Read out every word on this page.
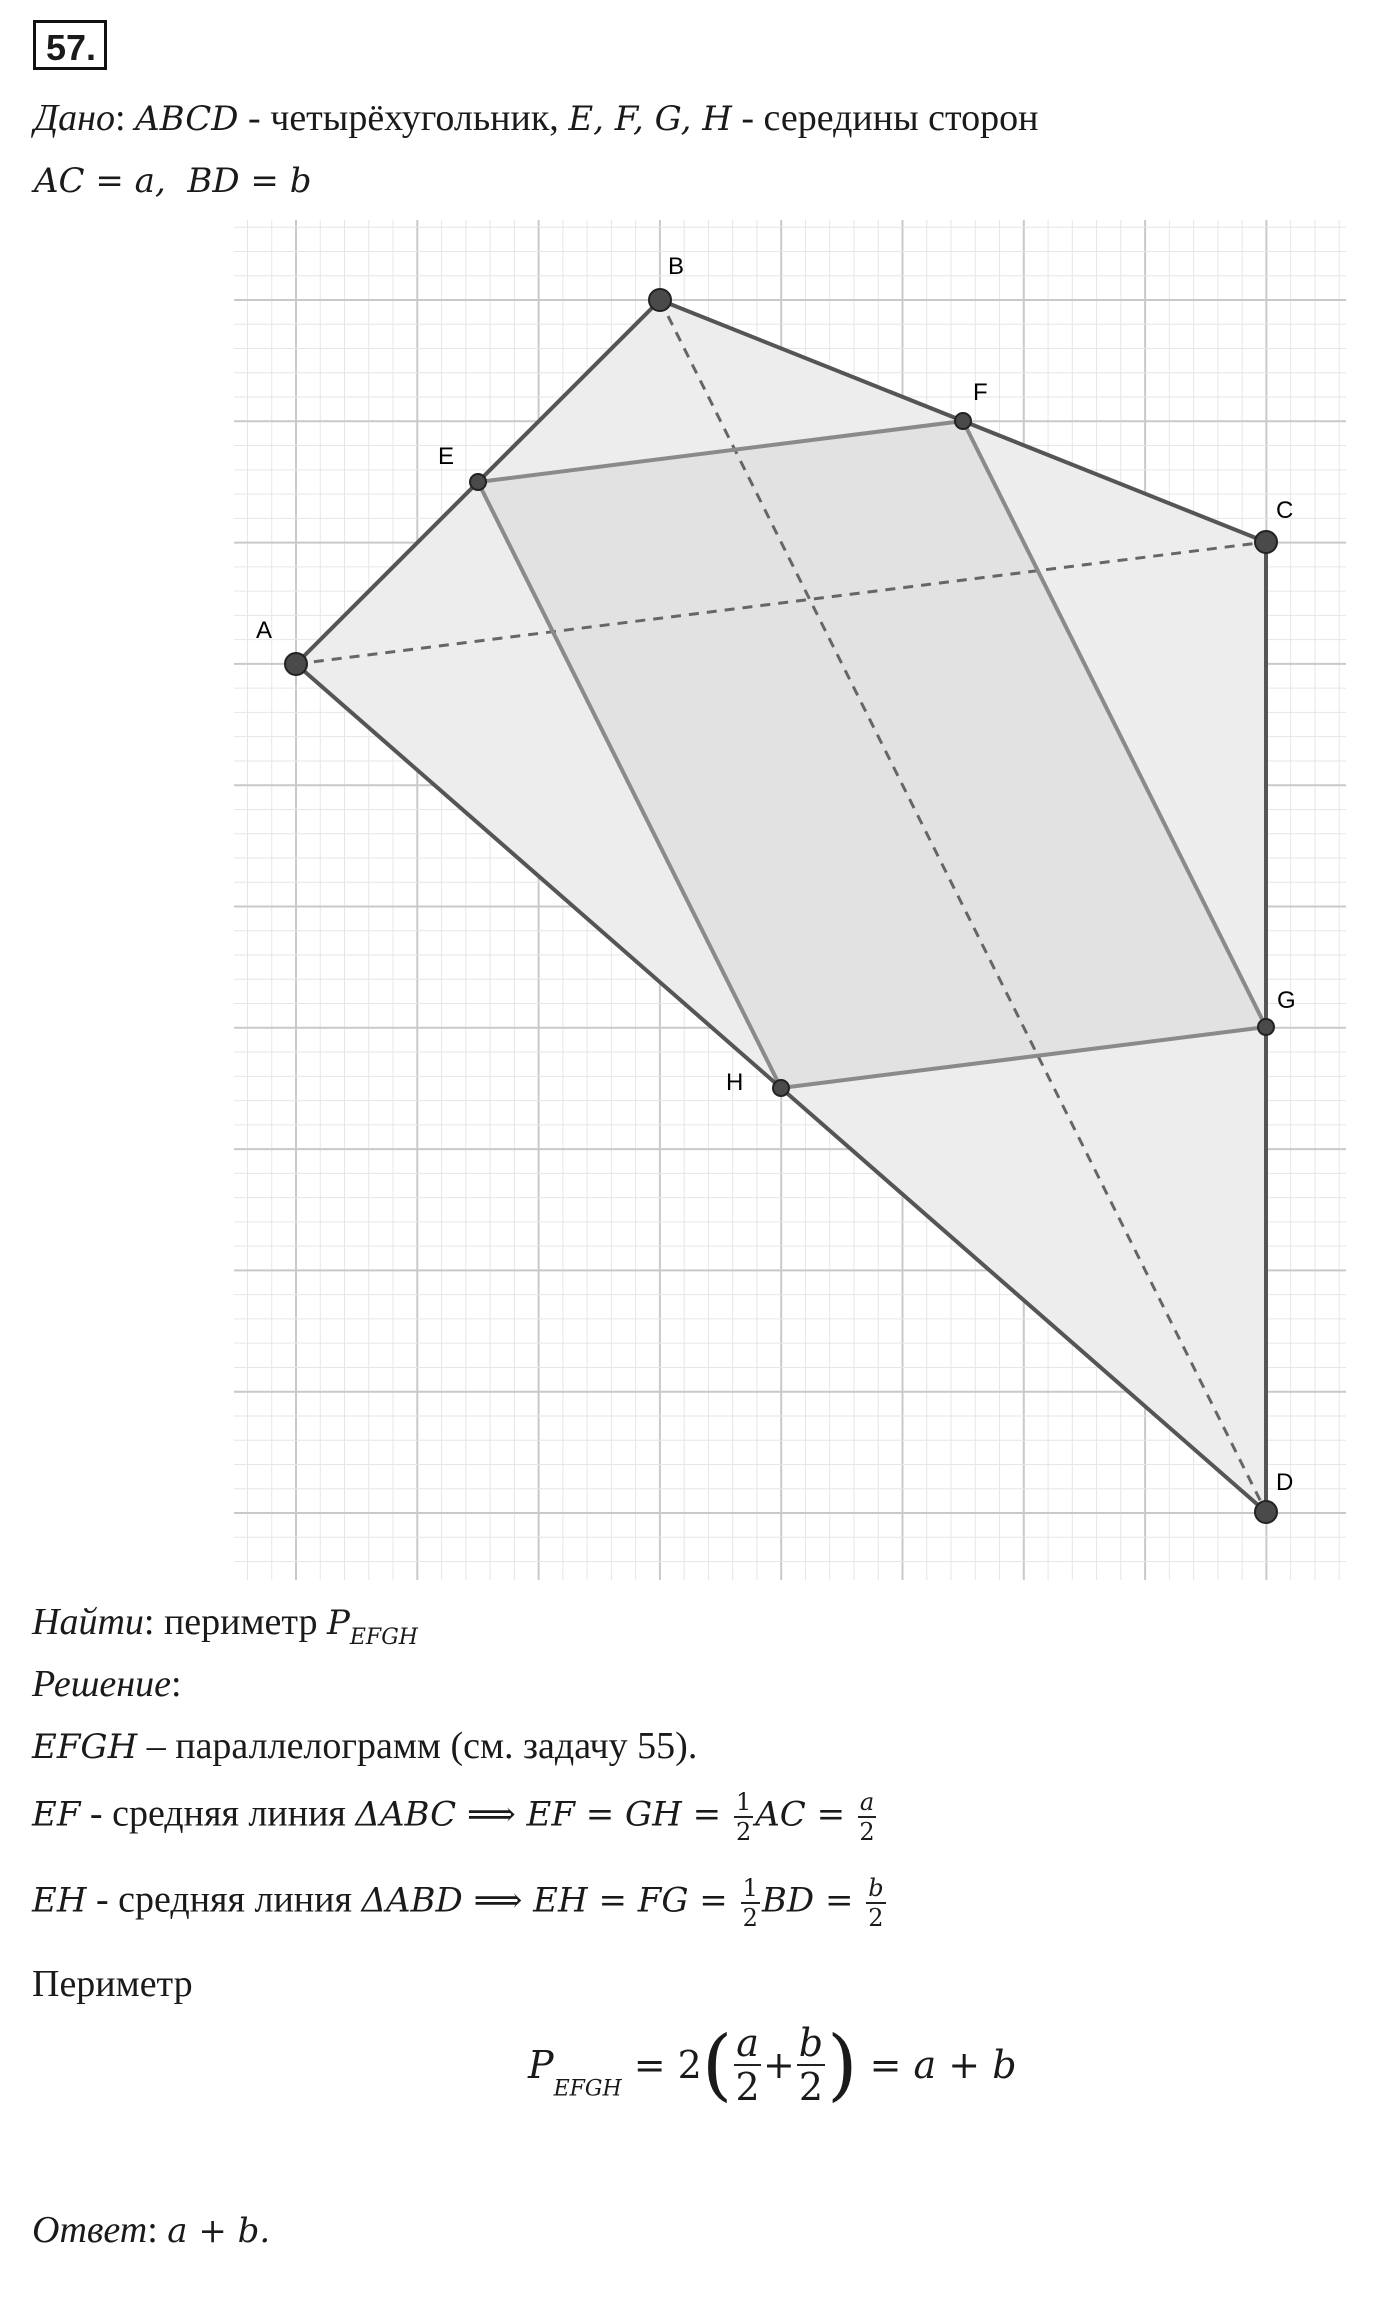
57.
Дано: ABCD - четырёхугольник, E, F, G, H - середины сторон
AC = a,  BD = b
A
B
C
D
E
F
G
H
Найти: периметр $P_{EFGH}$
Решение:
EFGH – параллелограмм (см. задачу 55).
EF - средняя линия ΔABC ⟹ EF = GH = $\frac{1}{2}$ AC = $\frac{a}{2}$
EH - средняя линия ΔABD ⟹ EH = FG = $\frac{1}{2}$ BD = $\frac{b}{2}$
Периметр
$P_{EFGH} = 2( \frac{a}{2} + \frac{b}{2}$ ) = a + b
Ответ: a + b.
